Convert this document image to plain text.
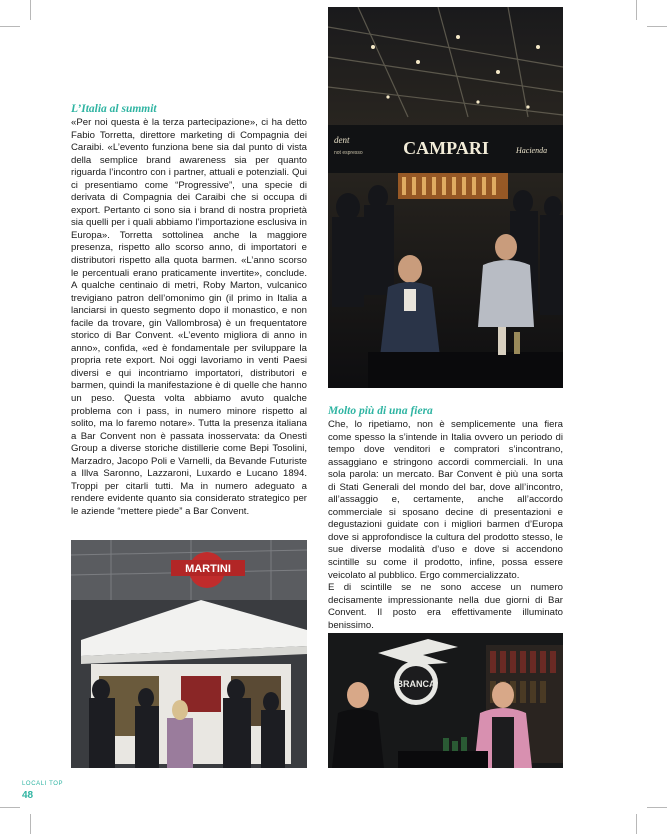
L’Italia al summit

«Per noi questa è la terza partecipazione», ci ha detto Fabio Torretta, direttore marketing di Compagnia dei Caraibi. «L’evento funziona bene sia dal punto di vista della semplice brand awareness sia per quanto riguarda l’incontro con i partner, attuali e potenziali. Qui ci presentiamo come “Progressive”, una specie di derivata di Compagnia dei Caraibi che si occupa di export. Pertanto ci sono sia i brand di nostra proprietà sia quelli per i quali abbiamo l’importazione esclusiva in Europa». Torretta sottolinea anche la maggiore presenza, rispetto allo scorso anno, di importatori e distributori rispetto alla quota barmen. «L’anno scorso le percentuali erano praticamente invertite», conclude. A qualche centinaio di metri, Roby Marton, vulcanico trevigiano patron dell’omonimo gin (il primo in Italia a lanciarsi in questo segmento dopo il monastico, e non facile da trovare, gin Vallombrosa) è un frequentatore storico di Bar Convent. «L’evento migliora di anno in anno», confida, «ed è fondamentale per sviluppare la propria rete export. Noi oggi lavoriamo in venti Paesi diversi e qui incontriamo importatori, distributori e barmen, quindi la manifestazione è di quelle che hanno un peso. Questa volta abbiamo avuto qualche problema con i pass, in numero minore rispetto al solito, ma lo faremo notare». Tutta la presenza italiana a Bar Convent non è passata inosservata: da Onesti Group a diverse storiche distillerie come Bepi Tosolini, Marzadro, Jacopo Poli e Varnelli, da Bevande Futuriste a Illva Saronno, Lazzaroni, Luxardo e Lucano 1894. Troppi per citarli tutti. Ma in numero adeguato a rendere evidente quanto sia considerato strategico per le aziende “mettere piede” a Bar Convent.

Molto più di una fiera

Che, lo ripetiamo, non è semplicemente una fiera come spesso la s’intende in Italia ovvero un periodo di tempo dove venditori e compratori s’incontrano, assaggiano e stringono accordi commerciali. In una sola parola: un mercato. Bar Convent è più una sorta di Stati Generali del mondo del bar, dove all’incontro, all’assaggio e, certamente, anche all’accordo commerciale si sposano decine di presentazioni e degustazioni guidate con i migliori barmen d’Europa dove si approfondisce la cultura del prodotto stesso, le sue diverse modalità d’uso e dove si accendono scintille su come il prodotto, infine, possa essere veicolato al pubblico. Ergo commercializzato.

E di scintille se ne sono accese un numero decisamente impressionante nella due giorni di Bar Convent. Il posto era effettivamente illuminato benissimo.

CAMPARI
dent
not espresso	Hacienda
MARTINI
BRANCA
LOCALI TOP
48
